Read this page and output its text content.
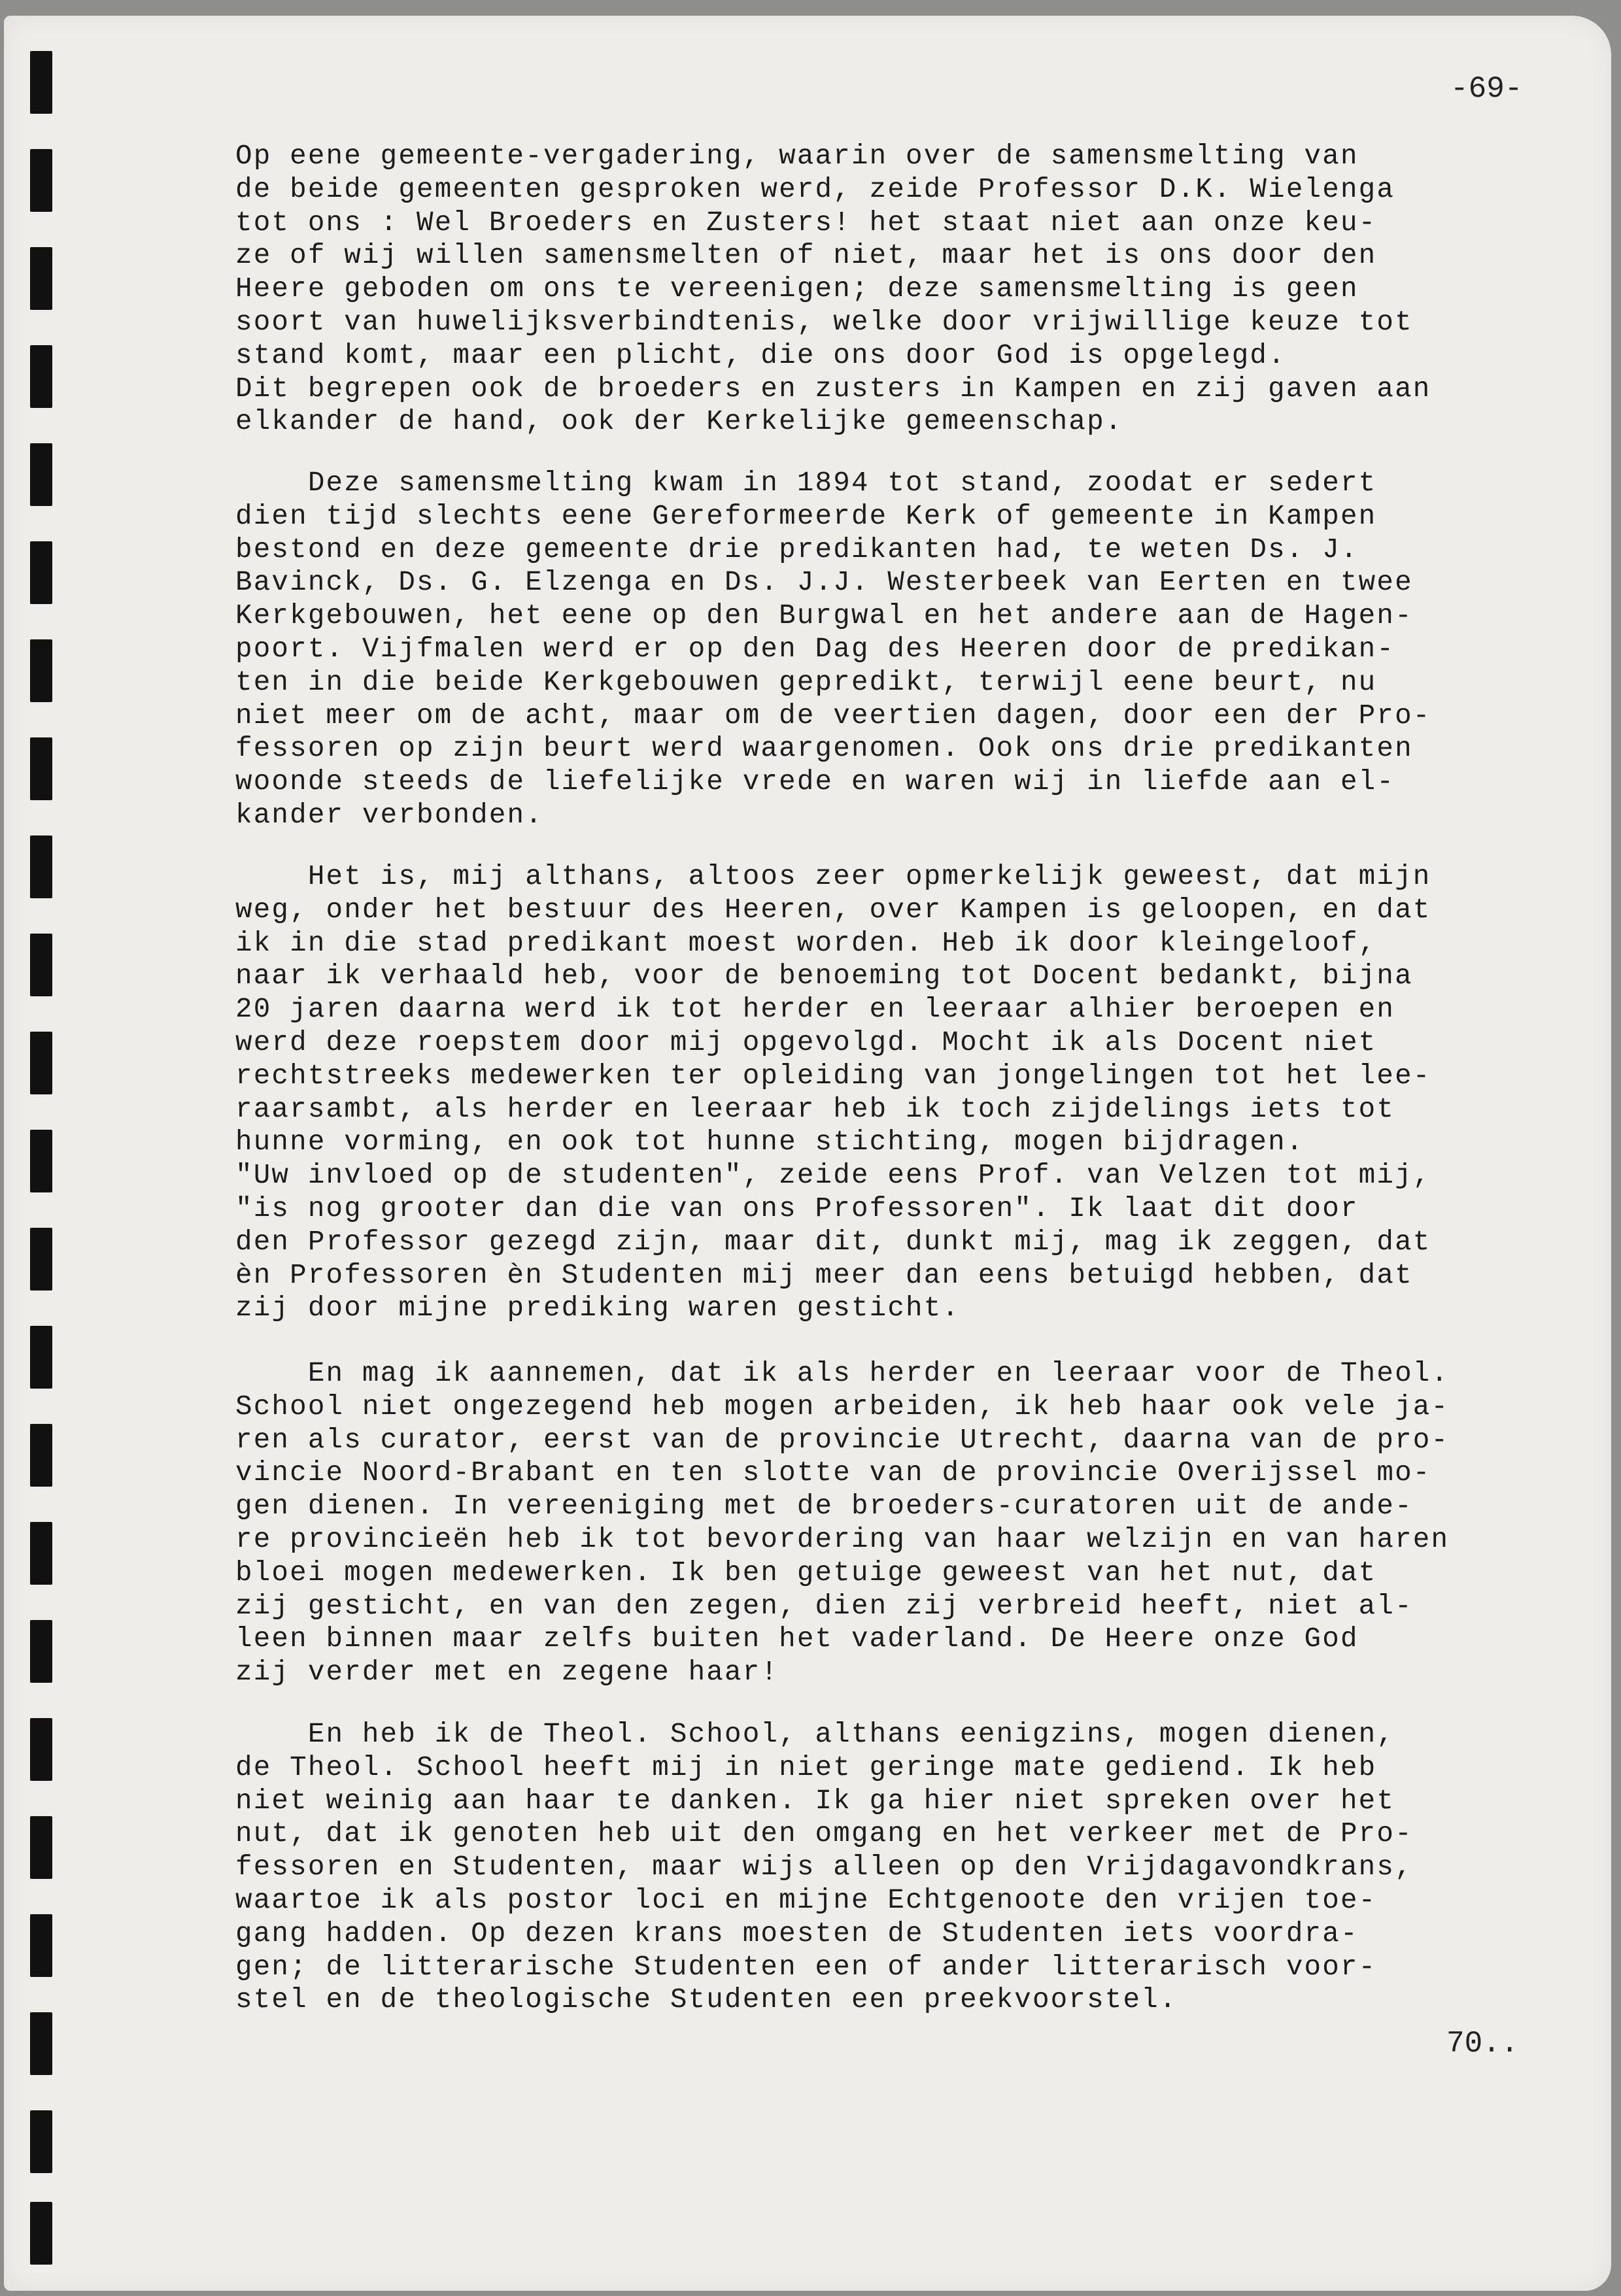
-69-

Op eene gemeente-vergadering, waarin over de samensmelting van
de beide gemeenten gesproken werd, zeide Professor D.K. Wielenga
tot ons : Wel Broeders en Zusters! het staat niet aan onze keu-
ze of wij willen samensmelten of niet, maar het is ons door den
Heere geboden om ons te vereenigen; deze samensmelting is geen
soort van huwelijksverbindtenis, welke door vrijwillige keuze tot
stand komt, maar een plicht, die ons door God is opgelegd.
Dit begrepen ook de broeders en zusters in Kampen en zij gaven aan
elkander de hand, ook der Kerkelijke gemeenschap.

Deze samensmelting kwam in 1894 tot stand, zoodat er sedert
dien tijd slechts eene Gereformeerde Kerk of gemeente in Kampen
bestond en deze gemeente drie predikanten had, te weten Ds. J.
Bavinck, Ds. G. Elzenga en Ds. J.J. Westerbeek van Eerten en twee
Kerkgebouwen, het eene op den Burgwal en het andere aan de Hagen-
poort. Vijfmalen werd er op den Dag des Heeren door de predikan-
ten in die beide Kerkgebouwen gepredikt, terwijl eene beurt, nu
niet meer om de acht, maar om de veertien dagen, door een der Pro-
fessoren op zijn beurt werd waargenomen. Ook ons drie predikanten
woonde steeds de liefelijke vrede en waren wij in liefde aan el-
kander verbonden.

Het is, mij althans, altoos zeer opmerkelijk geweest, dat mijn
weg, onder het bestuur des Heeren, over Kampen is geloopen, en dat
ik in die stad predikant moest worden. Heb ik door kleingeloof,
naar ik verhaald heb, voor de benoeming tot Docent bedankt, bijna
20 jaren daarna werd ik tot herder en leeraar alhier beroepen en
werd deze roepstem door mij opgevolgd. Mocht ik als Docent niet
rechtstreeks medewerken ter opleiding van jongelingen tot het lee-
raarsambt, als herder en leeraar heb ik toch zijdelings iets tot
hunne vorming, en ook tot hunne stichting, mogen bijdragen.
"Uw invloed op de studenten", zeide eens Prof. van Velzen tot mij,
"is nog grooter dan die van ons Professoren". Ik laat dit door
den Professor gezegd zijn, maar dit, dunkt mij, mag ik zeggen, dat
èn Professoren èn Studenten mij meer dan eens betuigd hebben, dat
zij door mijne prediking waren gesticht.

En mag ik aannemen, dat ik als herder en leeraar voor de Theol.
School niet ongezegend heb mogen arbeiden, ik heb haar ook vele ja-
ren als curator, eerst van de provincie Utrecht, daarna van de pro-
vincie Noord-Brabant en ten slotte van de provincie Overijssel mo-
gen dienen. In vereeniging met de broeders-curatoren uit de ande-
re provincieën heb ik tot bevordering van haar welzijn en van haren
bloei mogen medewerken. Ik ben getuige geweest van het nut, dat
zij gesticht, en van den zegen, dien zij verbreid heeft, niet al-
leen binnen maar zelfs buiten het vaderland. De Heere onze God
zij verder met en zegene haar!

En heb ik de Theol. School, althans eenigzins, mogen dienen,
de Theol. School heeft mij in niet geringe mate gediend. Ik heb
niet weinig aan haar te danken. Ik ga hier niet spreken over het
nut, dat ik genoten heb uit den omgang en het verkeer met de Pro-
fessoren en Studenten, maar wijs alleen op den Vrijdagavondkrans,
waartoe ik als postor loci en mijne Echtgenoote den vrijen toe-
gang hadden. Op dezen krans moesten de Studenten iets voordra-
gen; de litterarische Studenten een of ander litterarisch voor-
stel en de theologische Studenten een preekvoorstel.

70..
